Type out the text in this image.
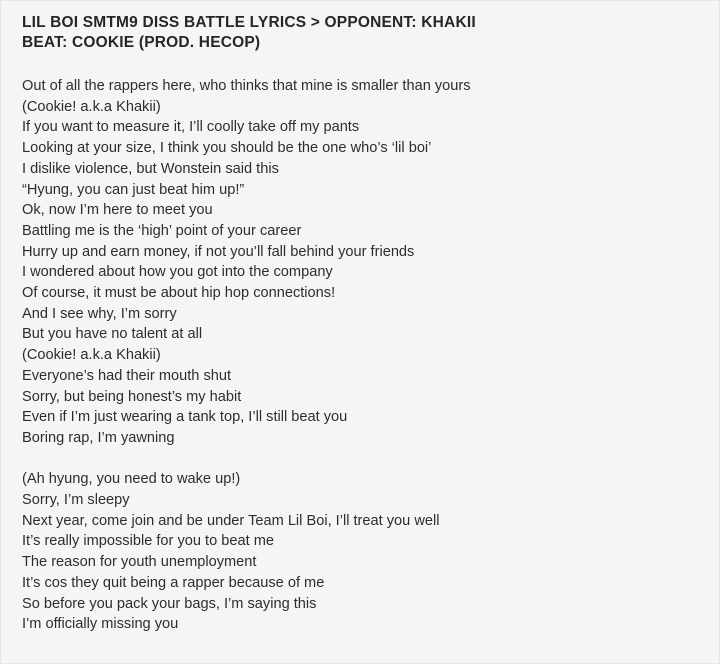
LIL BOI SMTM9 DISS BATTLE LYRICS > OPPONENT: KHAKII
BEAT: COOKIE (PROD. HECOP)
Out of all the rappers here, who thinks that mine is smaller than yours
(Cookie! a.k.a Khakii)
If you want to measure it, I’ll coolly take off my pants
Looking at your size, I think you should be the one who’s ‘lil boi’
I dislike violence, but Wonstein said this
“Hyung, you can just beat him up!”
Ok, now I’m here to meet you
Battling me is the ‘high’ point of your career
Hurry up and earn money, if not you’ll fall behind your friends
I wondered about how you got into the company
Of course, it must be about hip hop connections!
And I see why, I’m sorry
But you have no talent at all
(Cookie! a.k.a Khakii)
Everyone’s had their mouth shut
Sorry, but being honest’s my habit
Even if I’m just wearing a tank top, I’ll still beat you
Boring rap, I’m yawning
(Ah hyung, you need to wake up!)
Sorry, I’m sleepy
Next year, come join and be under Team Lil Boi, I’ll treat you well
It’s really impossible for you to beat me
The reason for youth unemployment
It’s cos they quit being a rapper because of me
So before you pack your bags, I’m saying this
I’m officially missing you
